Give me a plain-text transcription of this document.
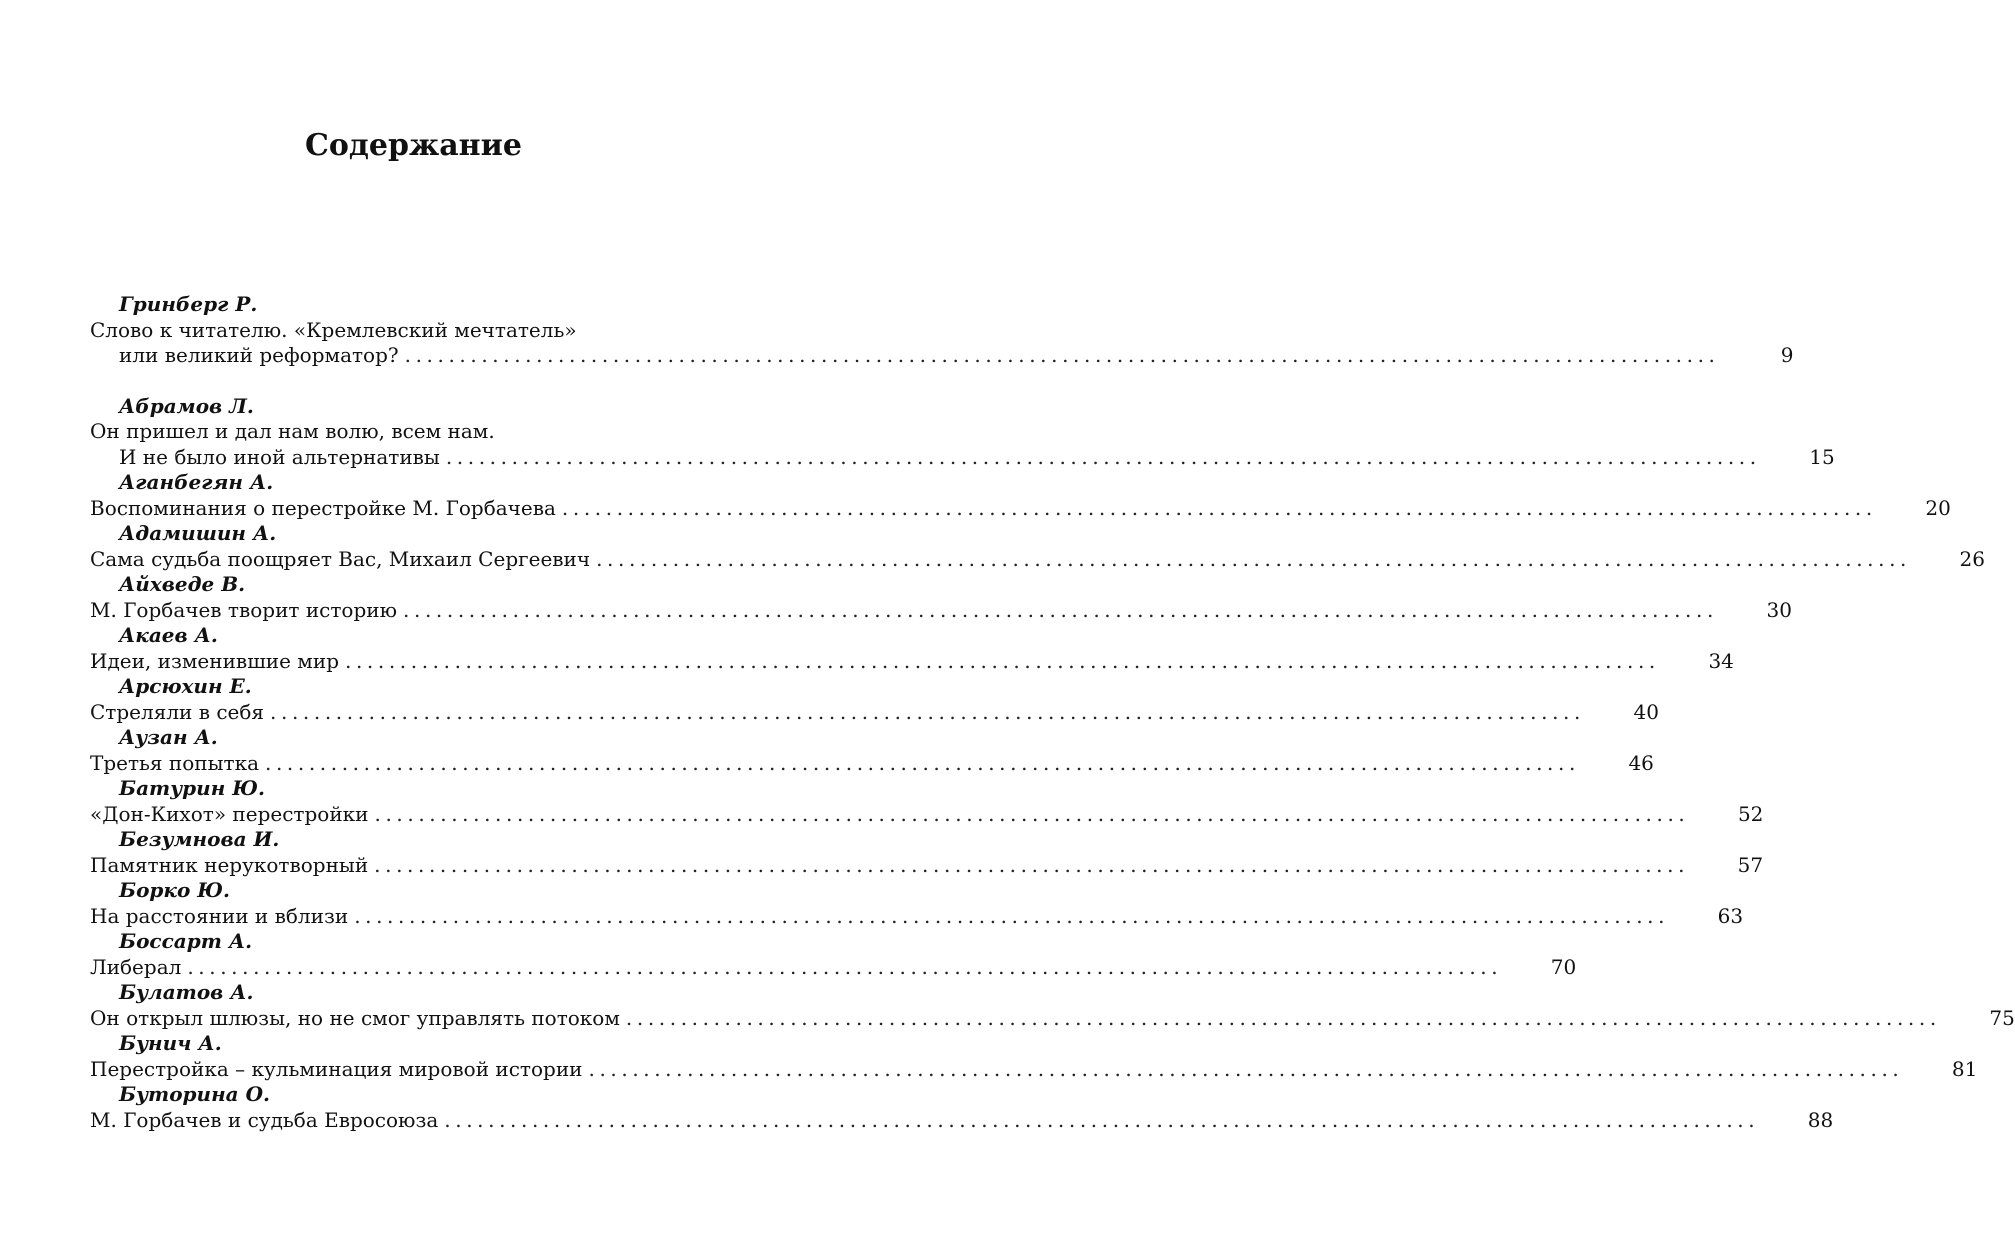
Содержание
Гринберг Р.
Слово к читателю. «Кремлевский мечтатель»
или великий реформатор? ........................................................................................................................	9
Абрамов Л.
Он пришел и дал нам волю, всем нам.
И не было иной альтернативы ........................................................................................................................	15
Аганбегян А.
Воспоминания о перестройке М. Горбачева ........................................................................................................................	20
Адамишин А.
Сама судьба поощряет Вас, Михаил Сергеевич ........................................................................................................................	26
Айхведе В.
М. Горбачев творит историю ........................................................................................................................	30
Акаев А.
Идеи, изменившие мир ........................................................................................................................	34
Арсюхин Е.
Стреляли в себя ........................................................................................................................	40
Аузан А.
Третья попытка ........................................................................................................................	46
Батурин Ю.
«Дон-Кихот» перестройки ........................................................................................................................	52
Безумнова И.
Памятник нерукотворный ........................................................................................................................	57
Борко Ю.
На расстоянии и вблизи ........................................................................................................................	63
Боссарт А.
Либерал ........................................................................................................................	70
Булатов А.
Он открыл шлюзы, но не смог управлять потоком ........................................................................................................................	75
Бунич А.
Перестройка – кульминация мировой истории ........................................................................................................................	81
Буторина О.
М. Горбачев и судьба Евросоюза ........................................................................................................................	88
